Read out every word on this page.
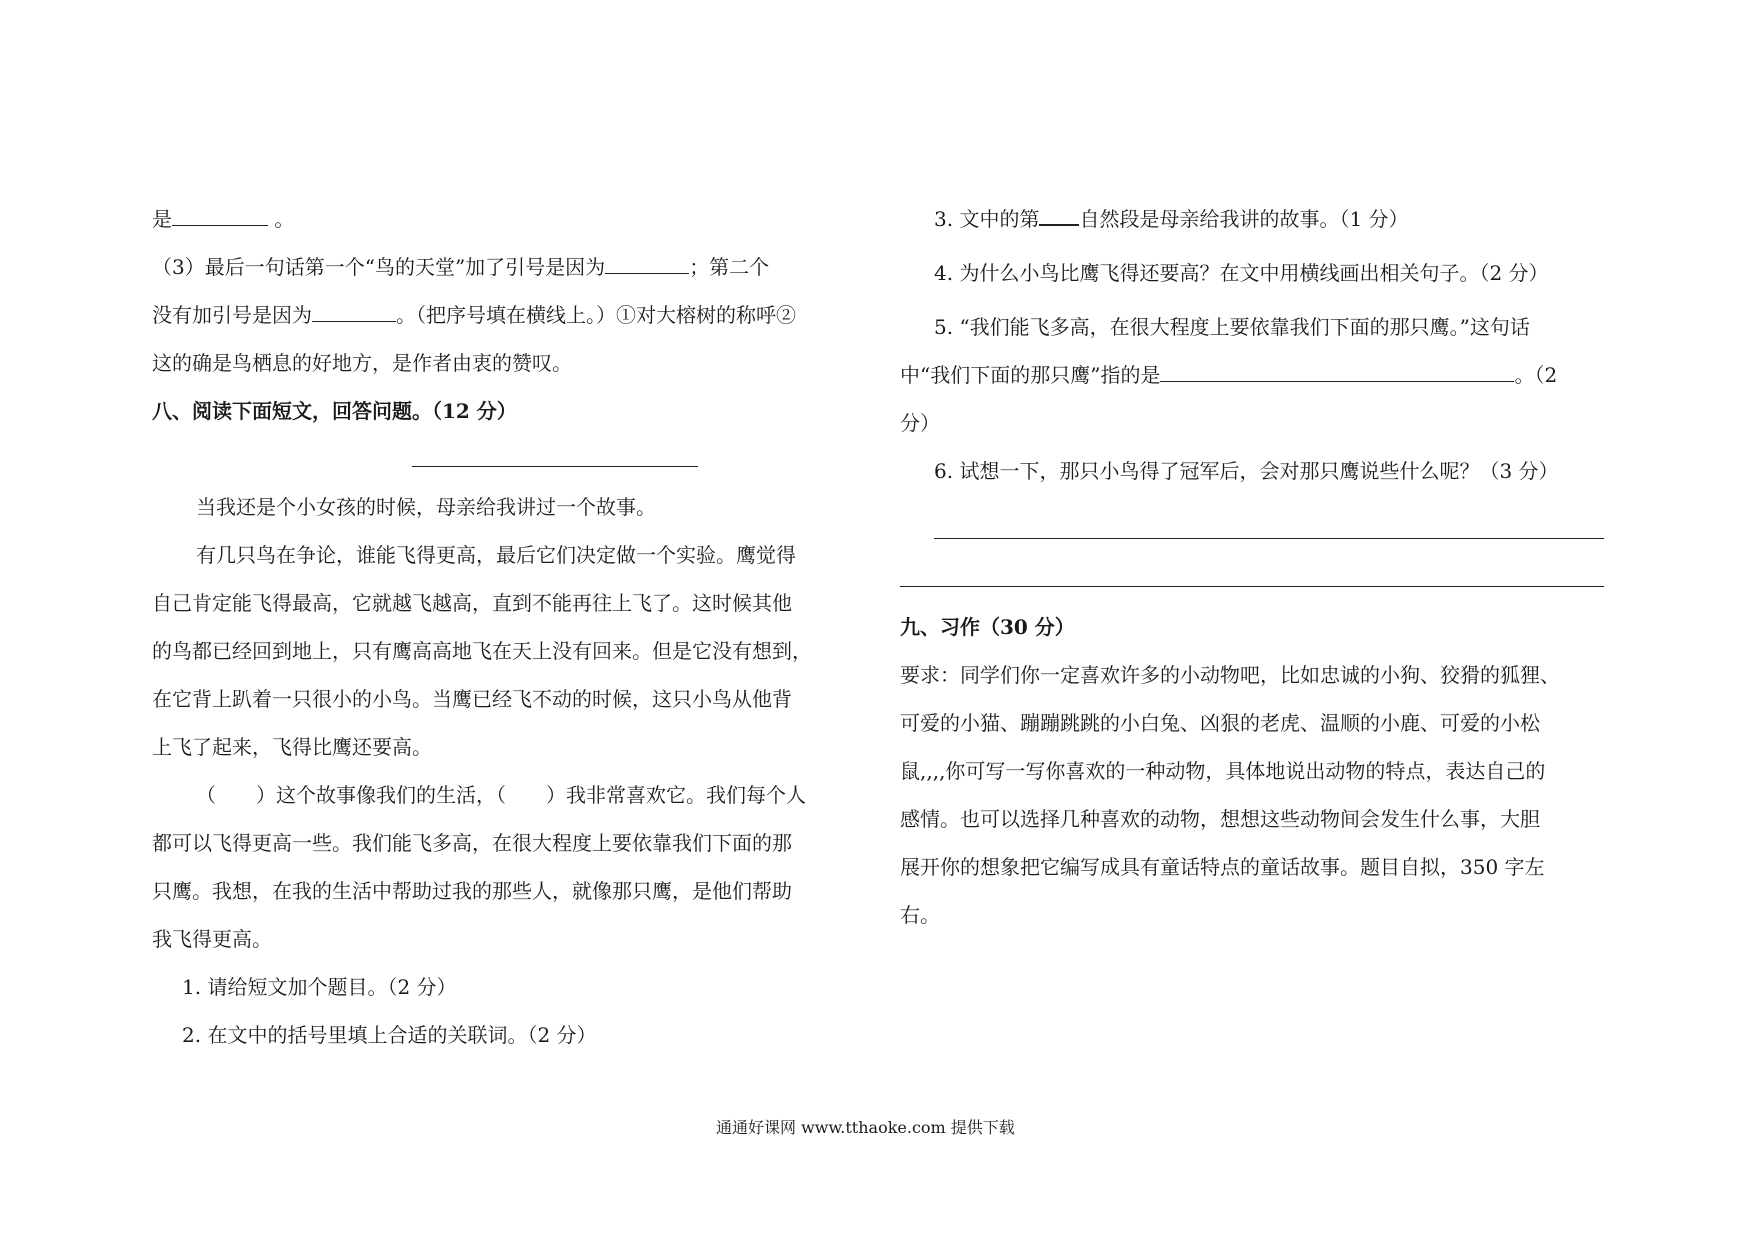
是	。
（3）最后一句话第一个“鸟的天堂”加了引号是因为	；第二个
没有加引号是因为	。（把序号填在横线上。）①对大榕树的称呼②
这的确是鸟栖息的好地方，是作者由衷的赞叹。
八、阅读下面短文，回答问题。（12 分）
当我还是个小女孩的时候，母亲给我讲过一个故事。
有几只鸟在争论，谁能飞得更高，最后它们决定做一个实验。鹰觉得
自己肯定能飞得最高，它就越飞越高，直到不能再往上飞了。这时候其他
的鸟都已经回到地上，只有鹰高高地飞在天上没有回来。但是它没有想到，
在它背上趴着一只很小的小鸟。当鹰已经飞不动的时候，这只小鸟从他背
上飞了起来，飞得比鹰还要高。
（　　）这个故事像我们的生活，（　　）我非常喜欢它。我们每个人
都可以飞得更高一些。我们能飞多高，在很大程度上要依靠我们下面的那
只鹰。我想，在我的生活中帮助过我的那些人，就像那只鹰，是他们帮助
我飞得更高。
1. 请给短文加个题目。（2 分）
2. 在文中的括号里填上合适的关联词。（2 分）
3. 文中的第 自然段是母亲给我讲的故事。（1 分）
4. 为什么小鸟比鹰飞得还要高？在文中用横线画出相关句子。（2 分）
5. “我们能飞多高，在很大程度上要依靠我们下面的那只鹰。”这句话
中“我们下面的那只鹰”指的是	。（2
分）
6. 试想一下，那只小鸟得了冠军后，会对那只鹰说些什么呢？（3 分）
九、习作（30 分）
要求：同学们你一定喜欢许多的小动物吧，比如忠诚的小狗、狡猾的狐狸、
可爱的小猫、蹦蹦跳跳的小白兔、凶狠的老虎、温顺的小鹿、可爱的小松
鼠,,,,你可写一写你喜欢的一种动物，具体地说出动物的特点，表达自己的
感情。也可以选择几种喜欢的动物，想想这些动物间会发生什么事，大胆
展开你的想象把它编写成具有童话特点的童话故事。题目自拟，350 字左
右。
通通好课网 www.tthaoke.com 提供下载
